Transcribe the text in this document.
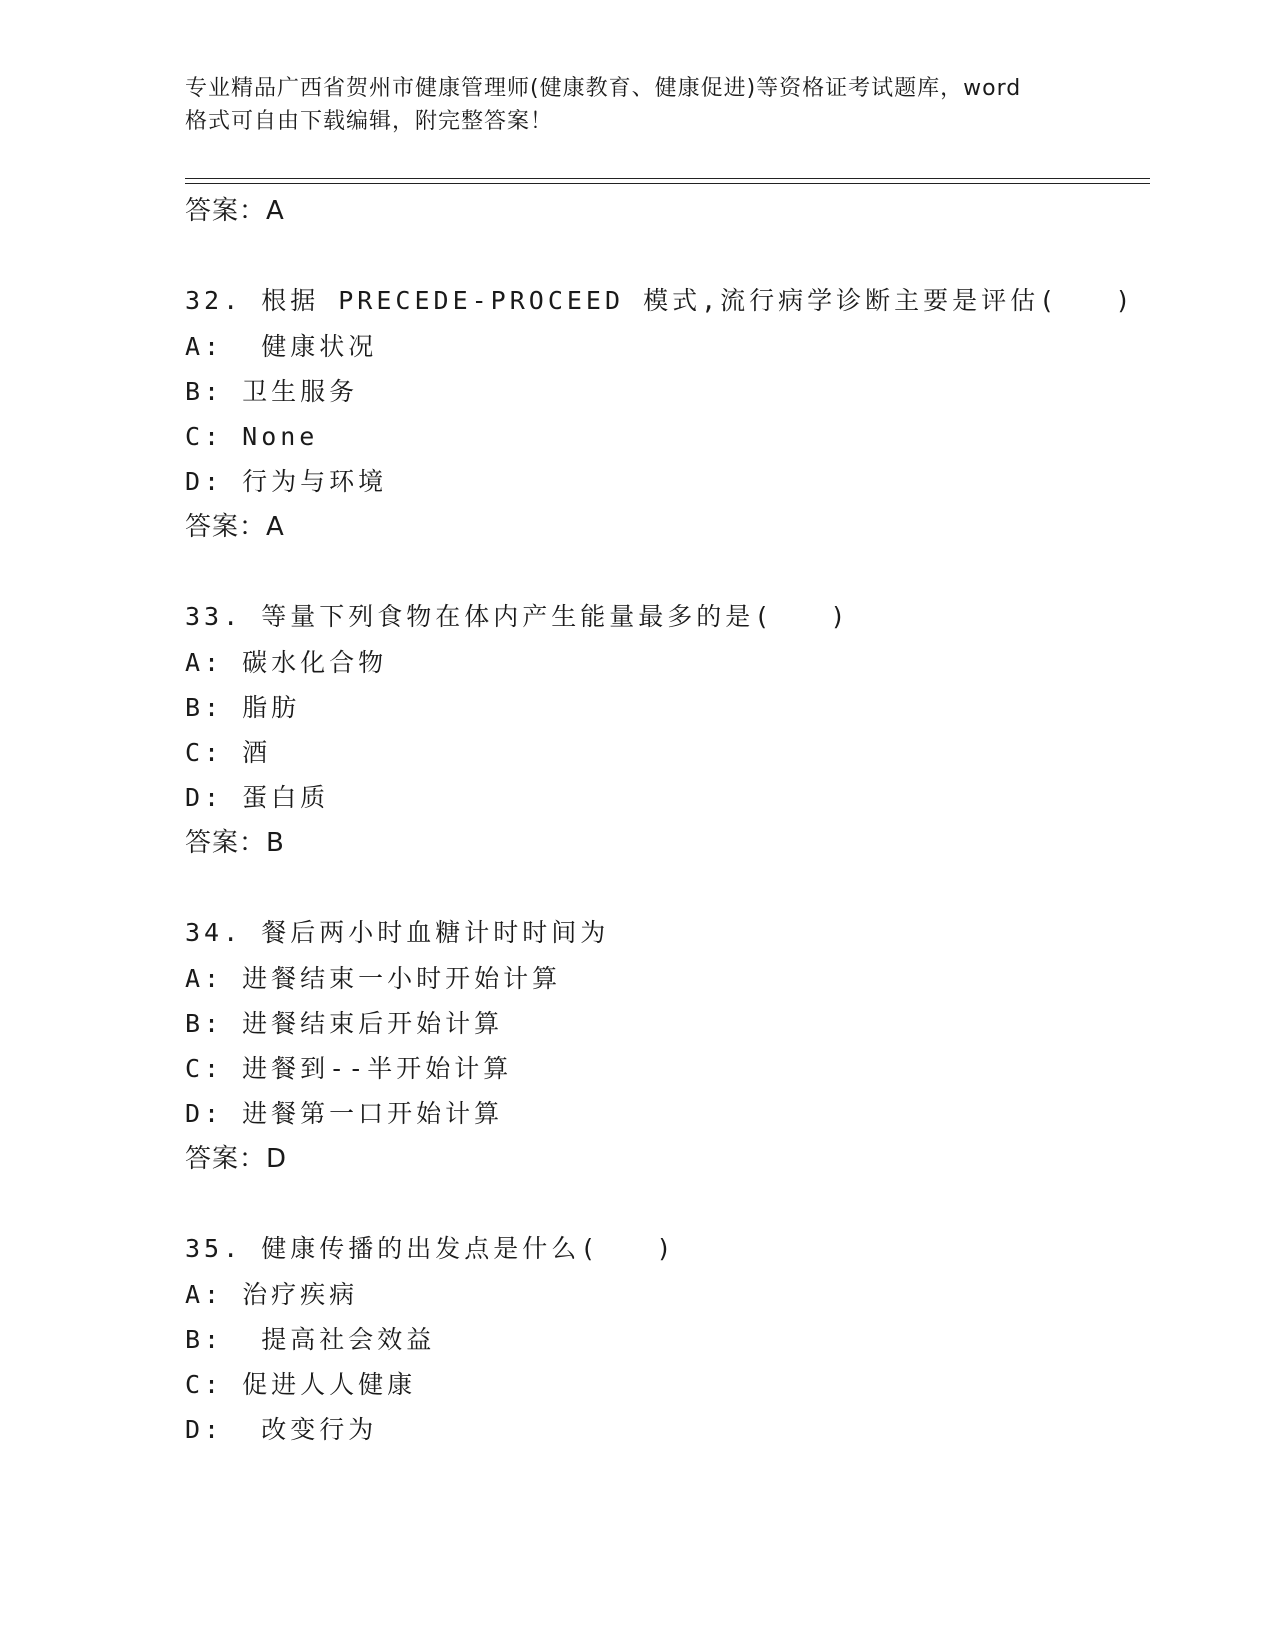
专业精品广西省贺州市健康管理师(健康教育、健康促进)等资格证考试题库，word
格式可自由下载编辑，附完整答案！
答案：A
32. 根据 PRECEDE-PROCEED 模式,流行病学诊断主要是评估(   )
A:  健康状况
B: 卫生服务
C: None
D: 行为与环境
答案：A
33. 等量下列食物在体内产生能量最多的是(   )
A: 碳水化合物
B: 脂肪
C: 酒
D: 蛋白质
答案：B
34. 餐后两小时血糖计时时间为
A: 进餐结束一小时开始计算
B: 进餐结束后开始计算
C: 进餐到--半开始计算
D: 进餐第一口开始计算
答案：D
35. 健康传播的出发点是什么(   )
A: 治疗疾病
B:  提高社会效益
C: 促进人人健康
D:  改变行为
